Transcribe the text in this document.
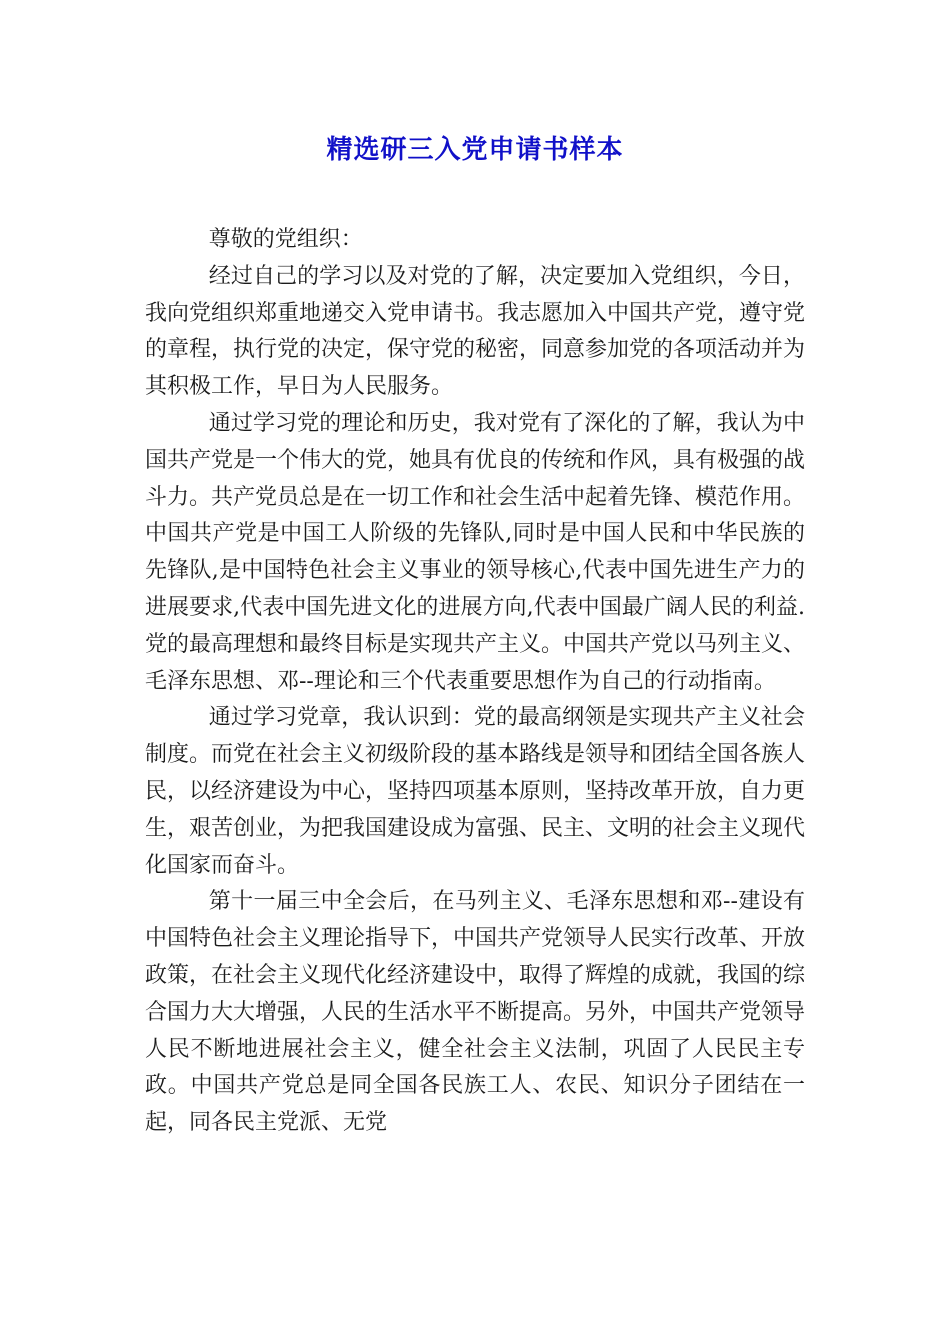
精选研三入党申请书样本

尊敬的党组织：

经过自己的学习以及对党的了解，决定要加入党组织，今日，我向党组织郑重地递交入党申请书。我志愿加入中国共产党，遵守党的章程，执行党的决定，保守党的秘密，同意参加党的各项活动并为其积极工作，早日为人民服务。

通过学习党的理论和历史，我对党有了深化的了解，我认为中国共产党是一个伟大的党，她具有优良的传统和作风，具有极强的战斗力。共产党员总是在一切工作和社会生活中起着先锋、模范作用。中国共产党是中国工人阶级的先锋队,同时是中国人民和中华民族的先锋队,是中国特色社会主义事业的领导核心,代表中国先进生产力的进展要求,代表中国先进文化的进展方向,代表中国最广阔人民的利益.党的最高理想和最终目标是实现共产主义。中国共产党以马列主义、毛泽东思想、邓--理论和三个代表重要思想作为自己的行动指南。

通过学习党章，我认识到：党的最高纲领是实现共产主义社会制度。而党在社会主义初级阶段的基本路线是领导和团结全国各族人民，以经济建设为中心，坚持四项基本原则，坚持改革开放，自力更生，艰苦创业，为把我国建设成为富强、民主、文明的社会主义现代化国家而奋斗。

第十一届三中全会后，在马列主义、毛泽东思想和邓--建设有中国特色社会主义理论指导下，中国共产党领导人民实行改革、开放政策，在社会主义现代化经济建设中，取得了辉煌的成就，我国的综合国力大大增强，人民的生活水平不断提高。另外，中国共产党领导人民不断地进展社会主义，健全社会主义法制，巩固了人民民主专政。中国共产党总是同全国各民族工人、农民、知识分子团结在一起，同各民主党派、无党
